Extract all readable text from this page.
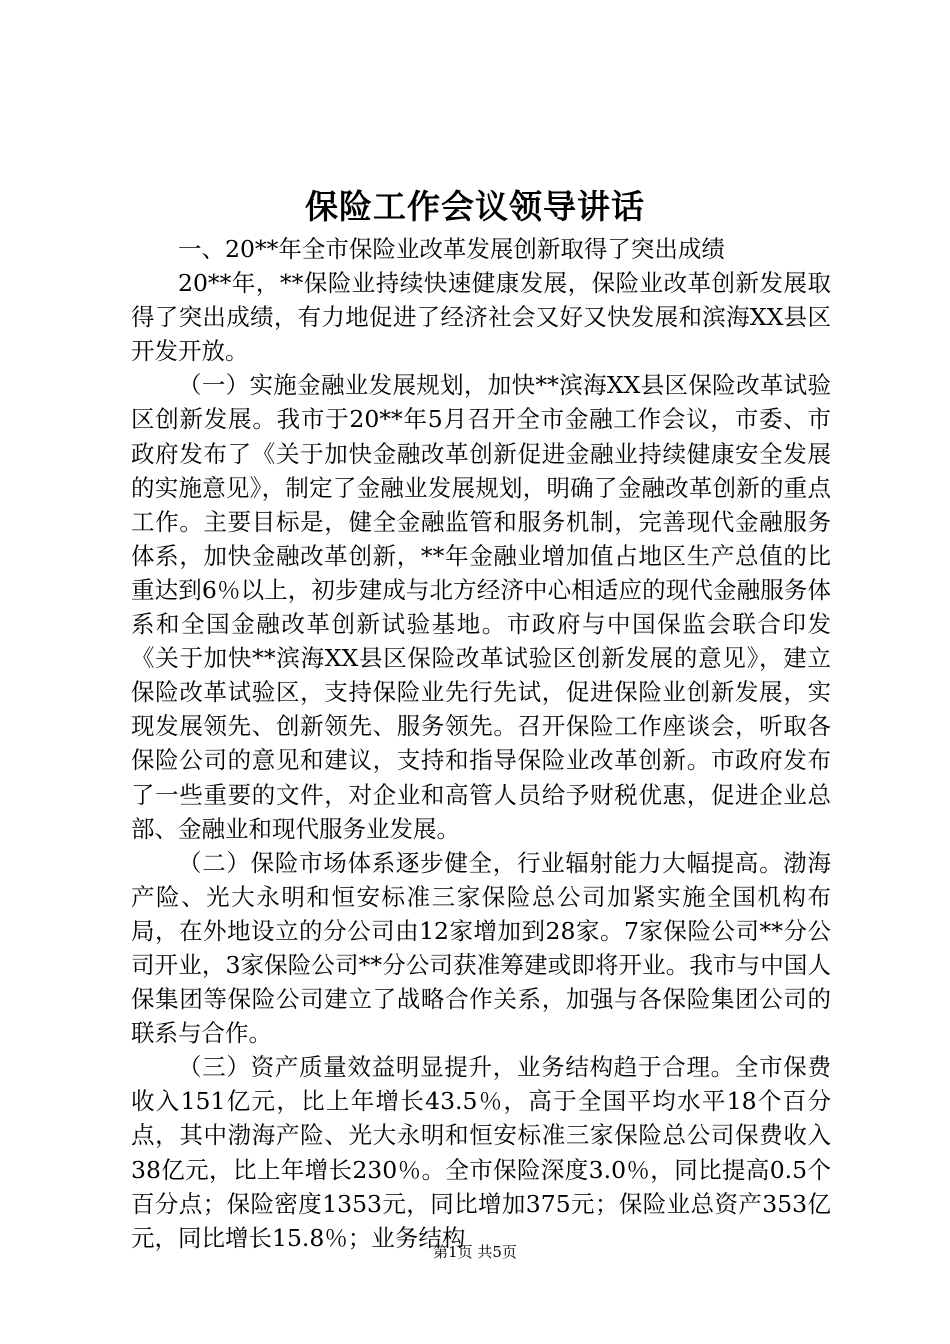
保险工作会议领导讲话

一、20**年全市保险业改革发展创新取得了突出成绩

20**年，**保险业持续快速健康发展，保险业改革创新发展取得了突出成绩，有力地促进了经济社会又好又快发展和滨海XX县区开发开放。

（一）实施金融业发展规划，加快**滨海XX县区保险改革试验区创新发展。我市于20**年5月召开全市金融工作会议，市委、市政府发布了《关于加快金融改革创新促进金融业持续健康安全发展的实施意见》，制定了金融业发展规划，明确了金融改革创新的重点工作。主要目标是，健全金融监管和服务机制，完善现代金融服务体系，加快金融改革创新，**年金融业增加值占地区生产总值的比重达到6％以上，初步建成与北方经济中心相适应的现代金融服务体系和全国金融改革创新试验基地。市政府与中国保监会联合印发《关于加快**滨海XX县区保险改革试验区创新发展的意见》，建立保险改革试验区，支持保险业先行先试，促进保险业创新发展，实现发展领先、创新领先、服务领先。召开保险工作座谈会，听取各保险公司的意见和建议，支持和指导保险业改革创新。市政府发布了一些重要的文件，对企业和高管人员给予财税优惠，促进企业总部、金融业和现代服务业发展。

（二）保险市场体系逐步健全，行业辐射能力大幅提高。渤海产险、光大永明和恒安标准三家保险总公司加紧实施全国机构布局，在外地设立的分公司由12家增加到28家。7家保险公司**分公司开业，3家保险公司**分公司获准筹建或即将开业。我市与中国人保集团等保险公司建立了战略合作关系，加强与各保险集团公司的联系与合作。

（三）资产质量效益明显提升，业务结构趋于合理。全市保费收入151亿元，比上年增长43.5％，高于全国平均水平18个百分点，其中渤海产险、光大永明和恒安标准三家保险总公司保费收入38亿元，比上年增长230％。全市保险深度3.0％，同比提高0.5个百分点；保险密度1353元，同比增加375元；保险业总资产353亿元，同比增长15.8％；业务结构

第1页 共5页
